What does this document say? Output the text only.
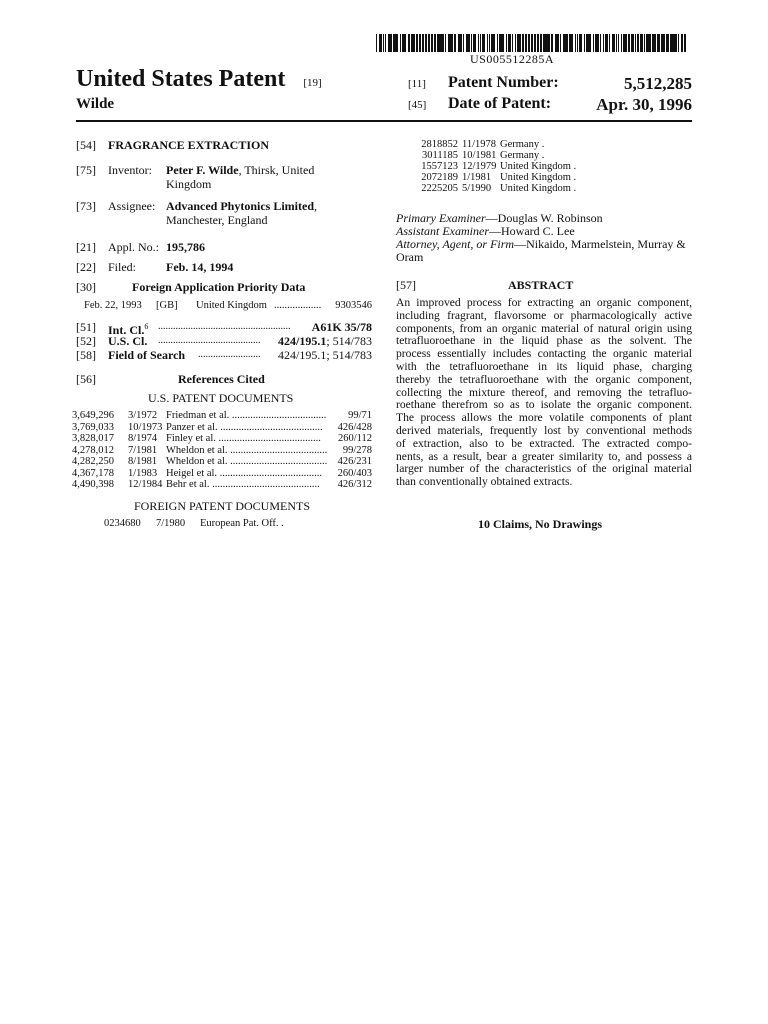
US005512285A
United States Patent [19]
Wilde
[11] Patent Number:	5,512,285
[45] Date of Patent:	Apr. 30, 1996
[54] FRAGRANCE EXTRACTION
[75] Inventor: Peter F. Wilde, Thirsk, United
Kingdom
[73] Assignee: Advanced Phytonics Limited,
Manchester, England
[21] Appl. No.: 195,786
[22] Filed: Feb. 14, 1994
[30]	Foreign Application Priority Data
Feb. 22, 1993 [GB] United Kingdom .................. 9303546
[51] Int. Cl.$^6$ .....................................................	A61K 35/78
[52] U.S. Cl. .........................................	424/195.1; 514/783
[58] Field of Search ......................... 424/195.1; 514/783
[56]	References Cited
U.S. PATENT DOCUMENTS
3,649,296 3/1972 Friedman et al. ....................................	99/71
3,769,033 10/1973 Panzer et al. .......................................	426/428
3,828,017 8/1974 Finley et al. .......................................	260/112
4,278,012 7/1981 Wheldon et al. .....................................	99/278
4,282,250 8/1981 Wheldon et al. ..................................... 426/231
4,367,178 1/1983 Heigel et al. .......................................	260/403
4,490,398 12/1984 Behr et al. .........................................	426/312
FOREIGN PATENT DOCUMENTS
0234680 7/1980 European Pat. Off. .
2818852 11/1978 Germany .
3011185 10/1981 Germany .
1557123 12/1979 United Kingdom .
2072189 1/1981 United Kingdom .
2225205 5/1990 United Kingdom .
Primary Examiner—Douglas W. Robinson
Assistant Examiner—Howard C. Lee
Attorney, Agent, or Firm—Nikaido, Marmelstein, Murray &
Oram
[57]	ABSTRACT
An improved process for extracting an organic component,
including fragrant, flavorsome or pharmacologically active
components, from an organic material of natural origin using
tetrafluoroethane in the liquid phase as the solvent. The
process essentially includes contacting the organic material
with the tetrafluoroethane in its liquid phase, charging
thereby the tetrafluoroethane with the organic component,
collecting the mixture thereof, and removing the tetrafluo-
roethane therefrom so as to isolate the organic component.
The process allows the more volatile components of plant
derived materials, frequently lost by conventional methods
of extraction, also to be extracted. The extracted compo-
nents, as a result, bear a greater similarity to, and possess a
larger number of the characteristics of the original material
than conventionally obtained extracts.
10 Claims, No Drawings
